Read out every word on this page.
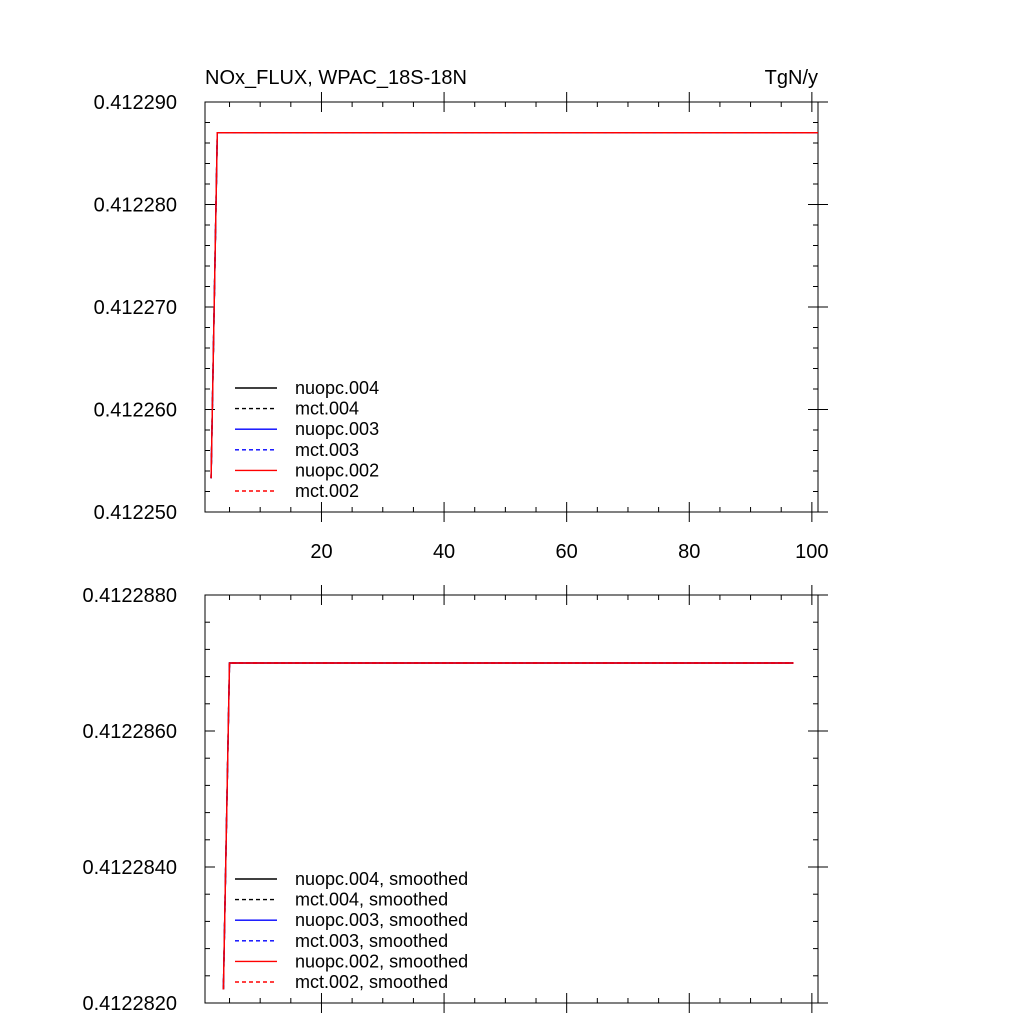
20	40	60	80	100
0.412250
0.412260
0.412270
0.412280
0.412290
NOx_FLUX, WPAC_18S-18N	TgN/y
nuopc.004
mct.004
nuopc.003
mct.003
nuopc.002
mct.002
0.4122820
0.4122840
0.4122860
0.4122880
nuopc.004, smoothed
mct.004, smoothed
nuopc.003, smoothed
mct.003, smoothed
nuopc.002, smoothed
mct.002, smoothed
